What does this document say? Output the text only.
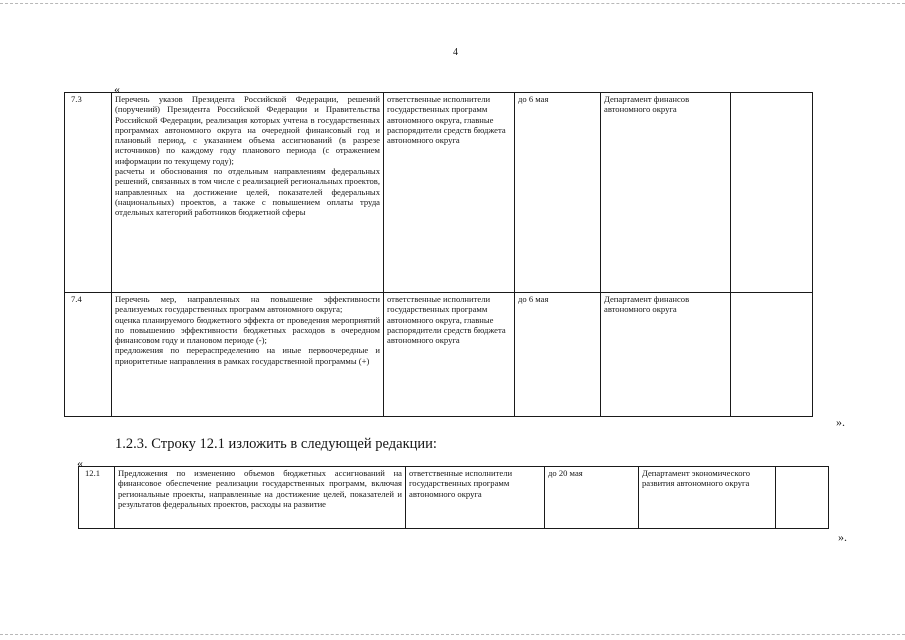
4
«
7.3	Перечень указов Президента Российской Федерации, решений (поручений) Президента Российской Федерации и Правительства Российской Федерации, реализация которых учтена в государственных программах автономного округа на очередной финансовый год и плановый период, с указанием объема ассигнований (в разрезе источников) по каждому году планового периода (с отражением информации по текущему году);

расчеты и обоснования по отдельным направлениям федеральных решений, связанных в том числе с реализацией региональных проектов, направленных на достижение целей, показателей федеральных (национальных) проектов, а также с повышением оплаты труда отдельных категорий работников бюджетной сферы	ответственные исполнители государственных программ автономного округа, главные распорядители средств бюджета автономного округа	до 6 мая	Департамент финансов автономного округа	
7.4	Перечень мер, направленных на повышение эффективности реализуемых государственных программ автономного округа;

оценка планируемого бюджетного эффекта от проведения мероприятий по повышению эффективности бюджетных расходов в очередном финансовом году и плановом периоде (-);

предложения по перераспределению на иные первоочередные и приоритетные направления в рамках государственной программы (+)	ответственные исполнители государственных программ автономного округа, главные распорядители средств бюджета автономного округа	до 6 мая	Департамент финансов автономного округа	
».
1.2.3. Строку 12.1 изложить в следующей редакции:
«
12.1	Предложения по изменению объемов бюджетных ассигнований на финансовое обеспечение реализации государственных программ, включая региональные проекты, направленные на достижение целей, показателей и результатов федеральных проектов, расходы на развитие	ответственные исполнители государственных программ автономного округа	до 20 мая	Департамент экономического развития автономного округа	
».
